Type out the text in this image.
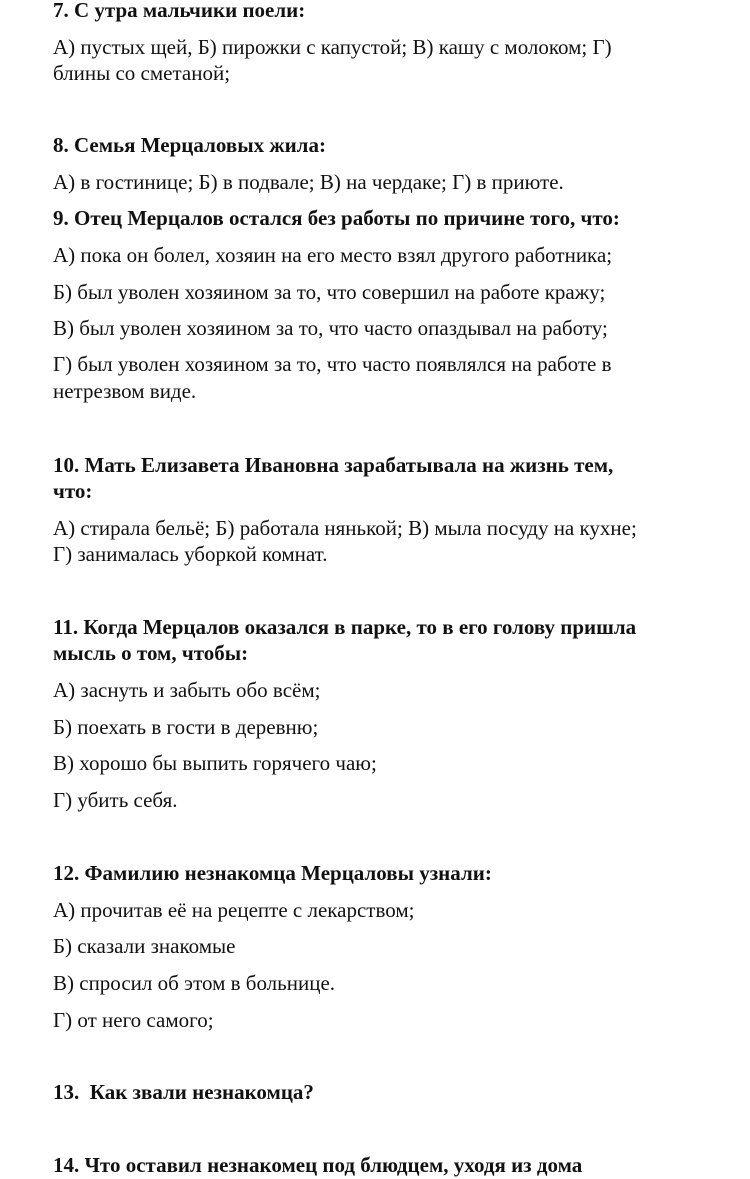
7. С утра мальчики поели:
А) пустых щей, Б) пирожки с капустой; В) кашу с молоком; Г)
блины со сметаной;
8. Семья Мерцаловых жила:
А) в гостинице; Б) в подвале; В) на чердаке; Г) в приюте.
9. Отец Мерцалов остался без работы по причине того, что:
А) пока он болел, хозяин на его место взял другого работника;
Б) был уволен хозяином за то, что совершил на работе кражу;
В) был уволен хозяином за то, что часто опаздывал на работу;
Г) был уволен хозяином за то, что часто появлялся на работе в
нетрезвом виде.
10. Мать Елизавета Ивановна зарабатывала на жизнь тем,
что:
А) стирала бельё; Б) работала нянькой; В) мыла посуду на кухне;
Г) занималась уборкой комнат.
11. Когда Мерцалов оказался в парке, то в его голову пришла
мысль о том, чтобы:
А) заснуть и забыть обо всём;
Б) поехать в гости в деревню;
В) хорошо бы выпить горячего чаю;
Г) убить себя.
12. Фамилию незнакомца Мерцаловы узнали:
А) прочитав её на рецепте с лекарством;
Б) сказали знакомые
В) спросил об этом в больнице.
Г) от него самого;
13.  Как звали незнакомца?
14. Что оставил незнакомец под блюдцем, уходя из дома
